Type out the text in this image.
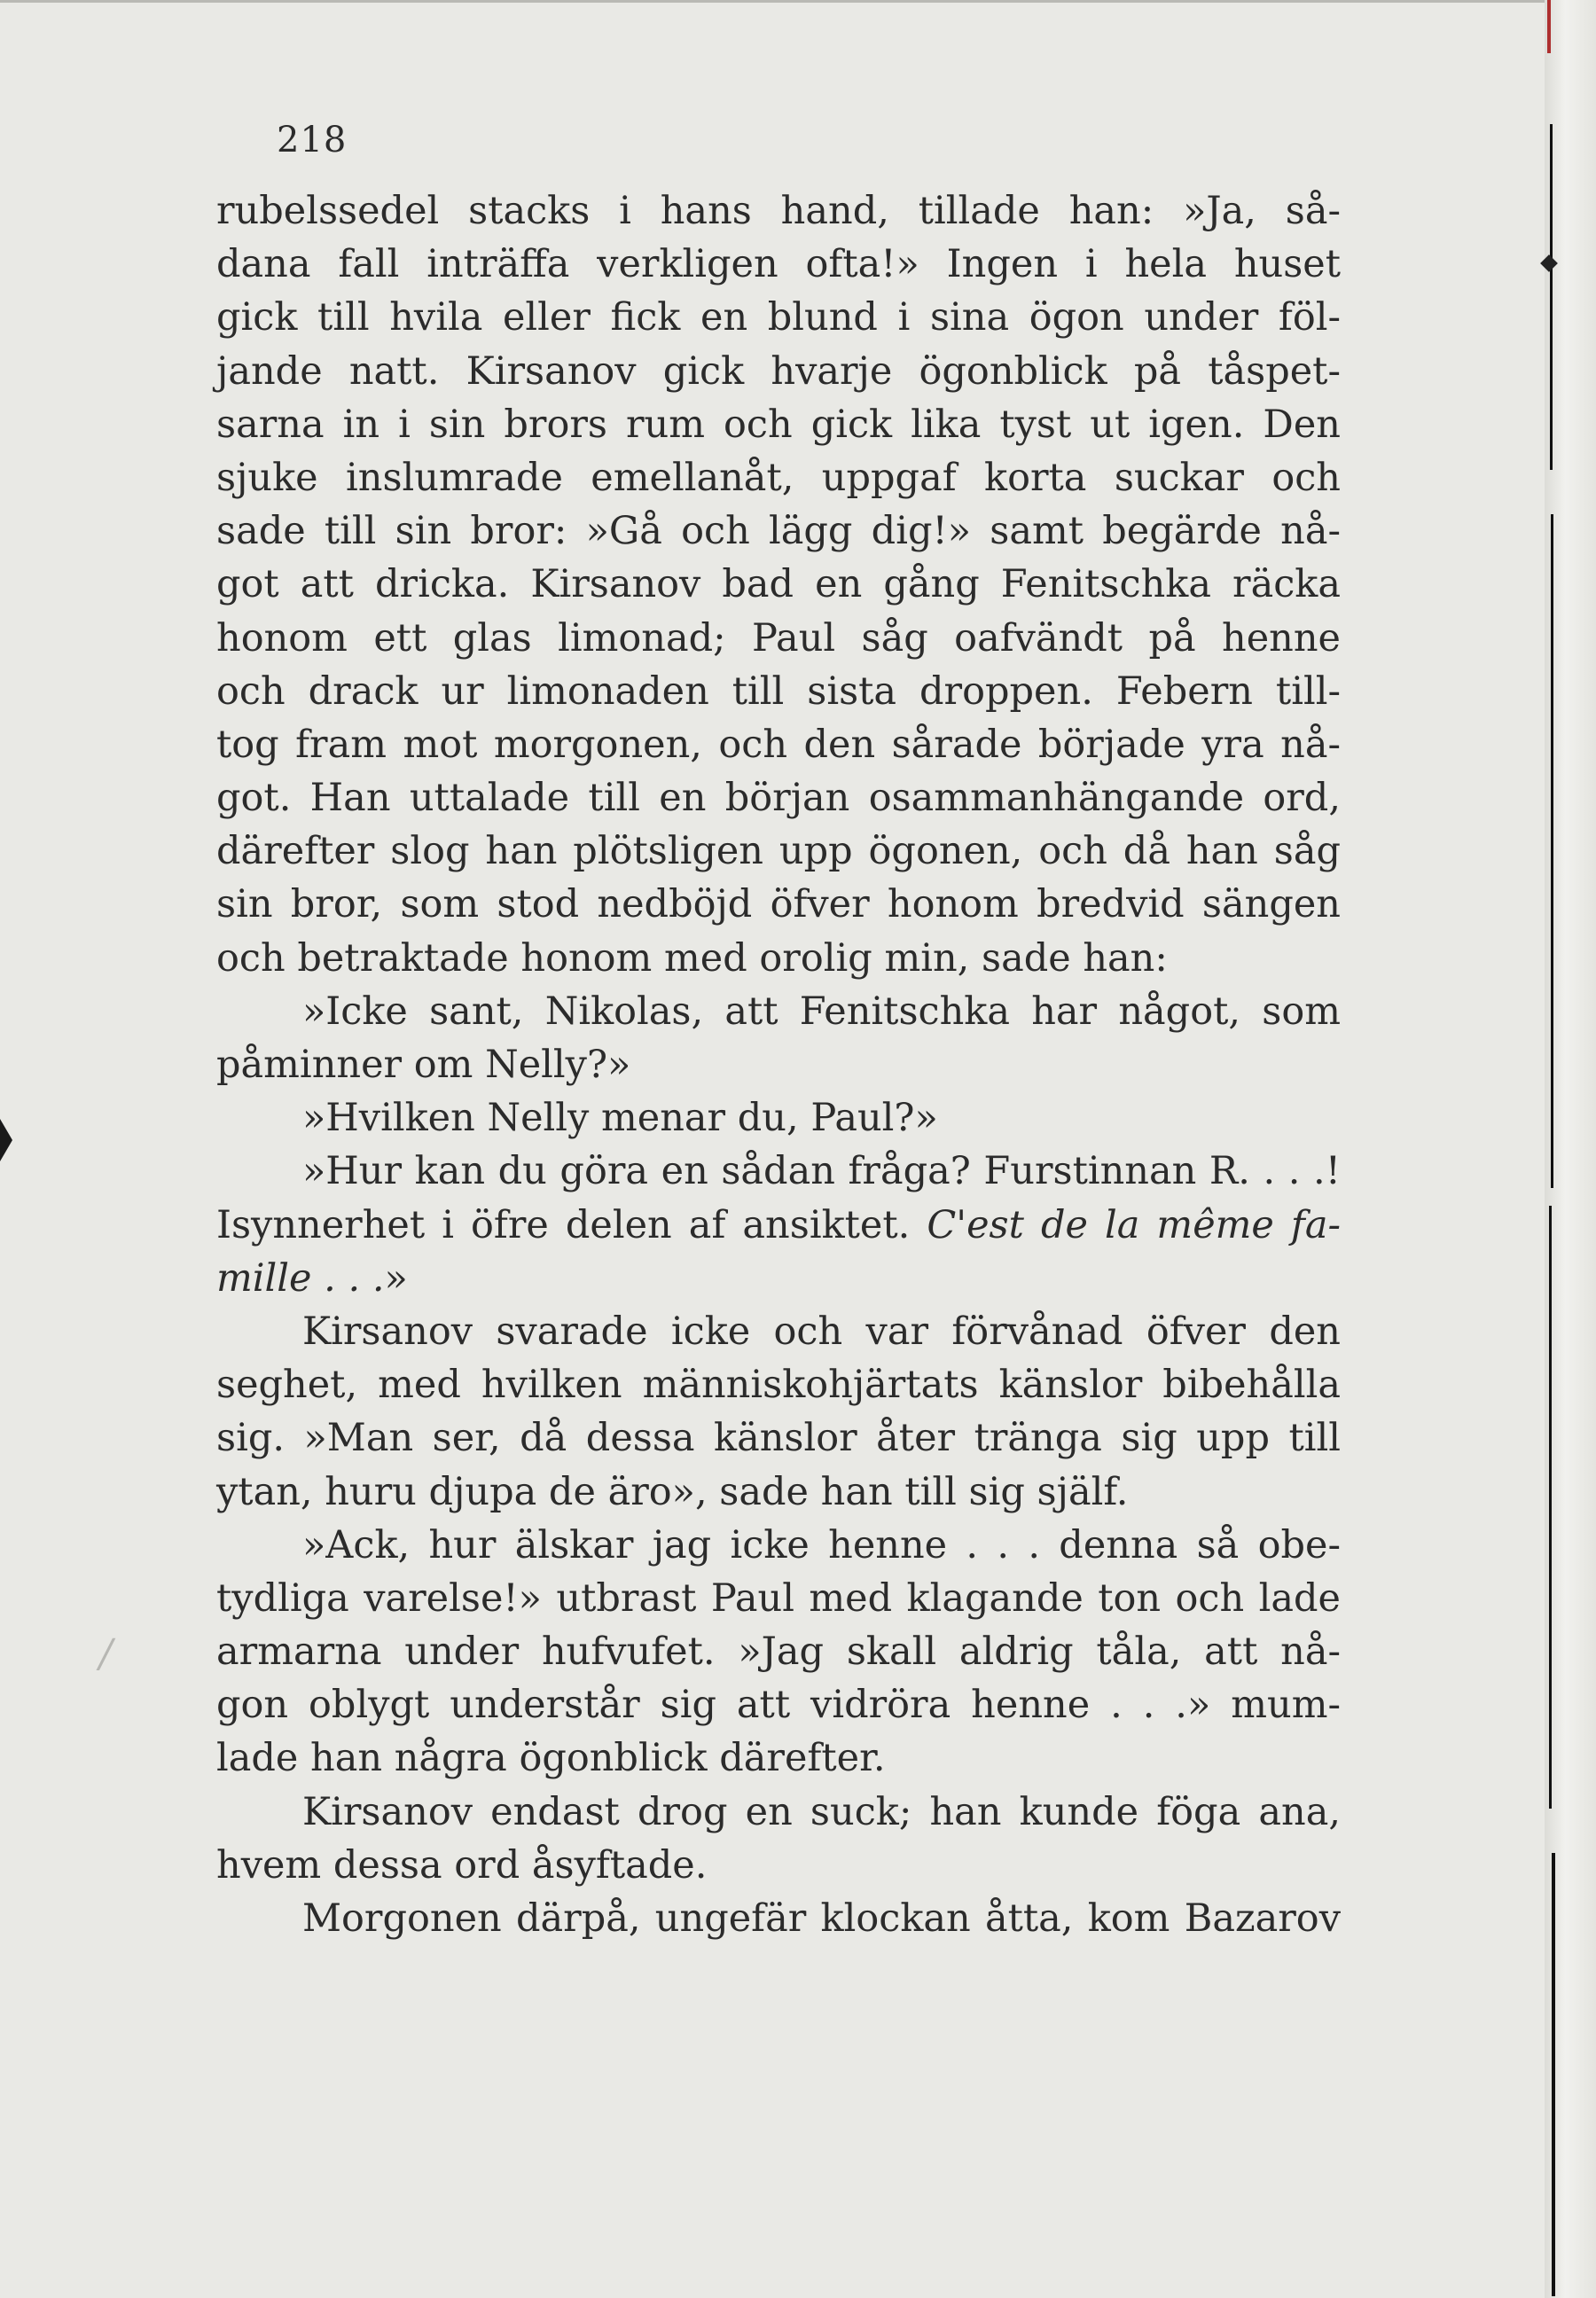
/
218
rubelssedel stacks i hans hand, tillade han: »Ja, så-
dana fall inträffa verkligen ofta!» Ingen i hela huset
gick till hvila eller fick en blund i sina ögon under föl-
jande natt. Kirsanov gick hvarje ögonblick på tåspet-
sarna in i sin brors rum och gick lika tyst ut igen. Den
sjuke inslumrade emellanåt, uppgaf korta suckar och
sade till sin bror: »Gå och lägg dig!» samt begärde nå-
got att dricka. Kirsanov bad en gång Fenitschka räcka
honom ett glas limonad; Paul såg oafvändt på henne
och drack ur limonaden till sista droppen. Febern till-
tog fram mot morgonen, och den sårade började yra nå-
got. Han uttalade till en början osammanhängande ord,
därefter slog han plötsligen upp ögonen, och då han såg
sin bror, som stod nedböjd öfver honom bredvid sängen
och betraktade honom med orolig min, sade han:
»Icke sant, Nikolas, att Fenitschka har något, som
påminner om Nelly?»
»Hvilken Nelly menar du, Paul?»
»Hur kan du göra en sådan fråga? Furstinnan R. . . .!
Isynnerhet i öfre delen af ansiktet. C'est de la même fa-
mille . . .»
Kirsanov svarade icke och var förvånad öfver den
seghet, med hvilken människohjärtats känslor bibehålla
sig. »Man ser, då dessa känslor åter tränga sig upp till
ytan, huru djupa de äro», sade han till sig själf.
»Ack, hur älskar jag icke henne . . . denna så obe-
tydliga varelse!» utbrast Paul med klagande ton och lade
armarna under hufvufet. »Jag skall aldrig tåla, att nå-
gon oblygt understår sig att vidröra henne . . .» mum-
lade han några ögonblick därefter.
Kirsanov endast drog en suck; han kunde föga ana,
hvem dessa ord åsyftade.
Morgonen därpå, ungefär klockan åtta, kom Bazarov
